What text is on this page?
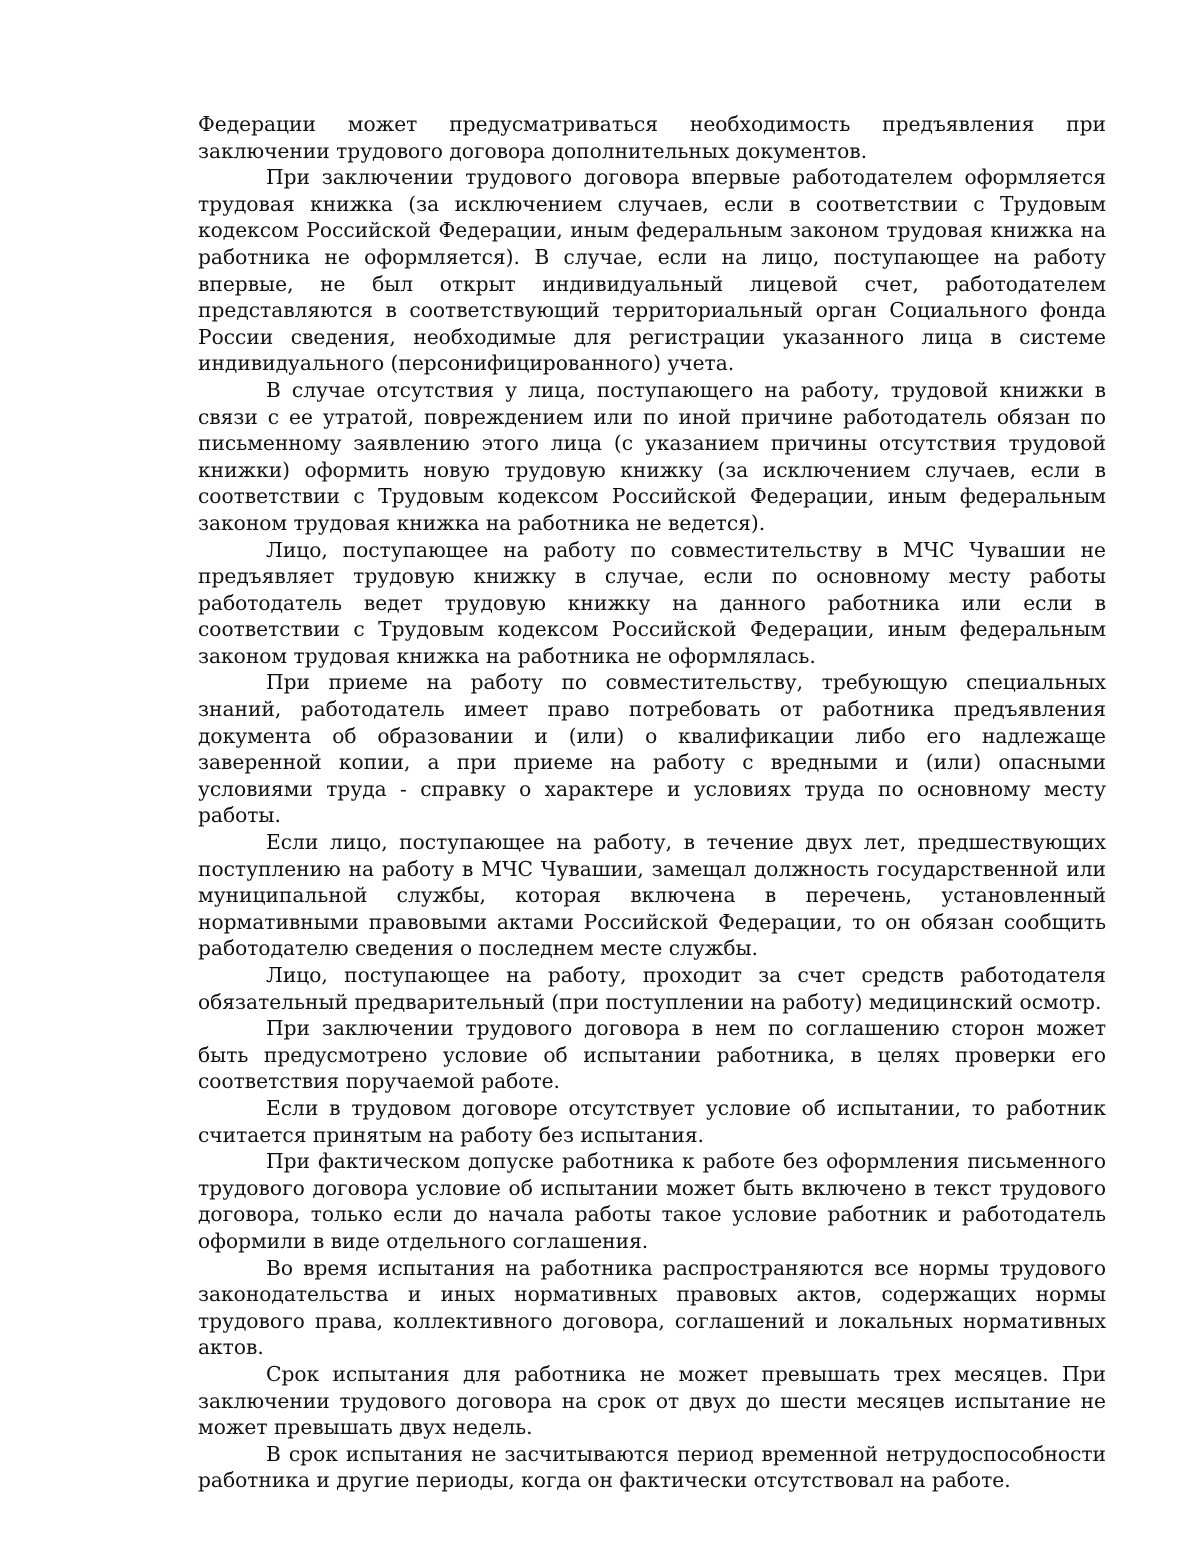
Федерации может предусматриваться необходимость предъявления при заключении трудового договора дополнительных документов.

При заключении трудового договора впервые работодателем оформляется трудовая книжка (за исключением случаев, если в соответствии с Трудовым кодексом Российской Федерации, иным федеральным законом трудовая книжка на работника не оформляется). В случае, если на лицо, поступающее на работу впервые, не был открыт индивидуальный лицевой счет, работодателем представляются в соответствующий территориальный орган Социального фонда России сведения, необходимые для регистрации указанного лица в системе индивидуального (персонифицированного) учета.

В случае отсутствия у лица, поступающего на работу, трудовой книжки в связи с ее утратой, повреждением или по иной причине работодатель обязан по письменному заявлению этого лица (с указанием причины отсутствия трудовой книжки) оформить новую трудовую книжку (за исключением случаев, если в соответствии с Трудовым кодексом Российской Федерации, иным федеральным законом трудовая книжка на работника не ведется).

Лицо, поступающее на работу по совместительству в МЧС Чувашии не предъявляет трудовую книжку в случае, если по основному месту работы работодатель ведет трудовую книжку на данного работника или если в соответствии с Трудовым кодексом Российской Федерации, иным федеральным законом трудовая книжка на работника не оформлялась.

При приеме на работу по совместительству, требующую специальных знаний, работодатель имеет право потребовать от работника предъявления документа об образовании и (или) о квалификации либо его надлежаще заверенной копии, а при приеме на работу с вредными и (или) опасными условиями труда - справку о характере и условиях труда по основному месту работы.

Если лицо, поступающее на работу, в течение двух лет, предшествующих поступлению на работу в МЧС Чувашии, замещал должность государственной или муниципальной службы, которая включена в перечень, установленный нормативными правовыми актами Российской Федерации, то он обязан сообщить работодателю сведения о последнем месте службы.

Лицо, поступающее на работу, проходит за счет средств работодателя обязательный предварительный (при поступлении на работу) медицинский осмотр.

При заключении трудового договора в нем по соглашению сторон может быть предусмотрено условие об испытании работника, в целях проверки его соответствия поручаемой работе.

Если в трудовом договоре отсутствует условие об испытании, то работник считается принятым на работу без испытания.

При фактическом допуске работника к работе без оформления письменного трудового договора условие об испытании может быть включено в текст трудового договора, только если до начала работы такое условие работник и работодатель оформили в виде отдельного соглашения.

Во время испытания на работника распространяются все нормы трудового законодательства и иных нормативных правовых актов, содержащих нормы трудового права, коллективного договора, соглашений и локальных нормативных актов.

Срок испытания для работника не может превышать трех месяцев. При заключении трудового договора на срок от двух до шести месяцев испытание не может превышать двух недель.

В срок испытания не засчитываются период временной нетрудоспособности работника и другие периоды, когда он фактически отсутствовал на работе.
